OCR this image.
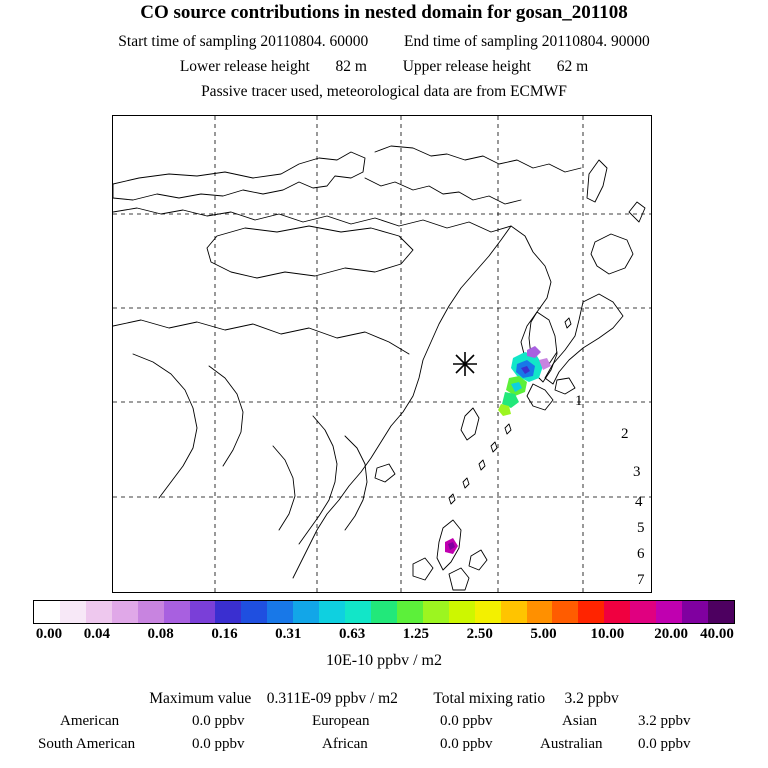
CO source contributions in nested domain for gosan_201108
Start time of sampling 20110804. 60000 End time of sampling 20110804. 90000
Lower release height 82 m Upper release height 62 m
Passive tracer used, meteorological data are from ECMWF
1
2
3
4
5
6
7
0.00 0.04	0.08	0.16	0.31	0.63	1.25	2.50	5.00 10.00 20.00 40.00
10E-10 ppbv / m2
Maximum value 0.311E-09 ppbv / m2 Total mixing ratio 3.2 ppbv
American	0.0 ppbv	European	0.0 ppbv	Asian	3.2 ppbv
South American	0.0 ppbv	African	0.0 ppbv	Australian 0.0 ppbv
